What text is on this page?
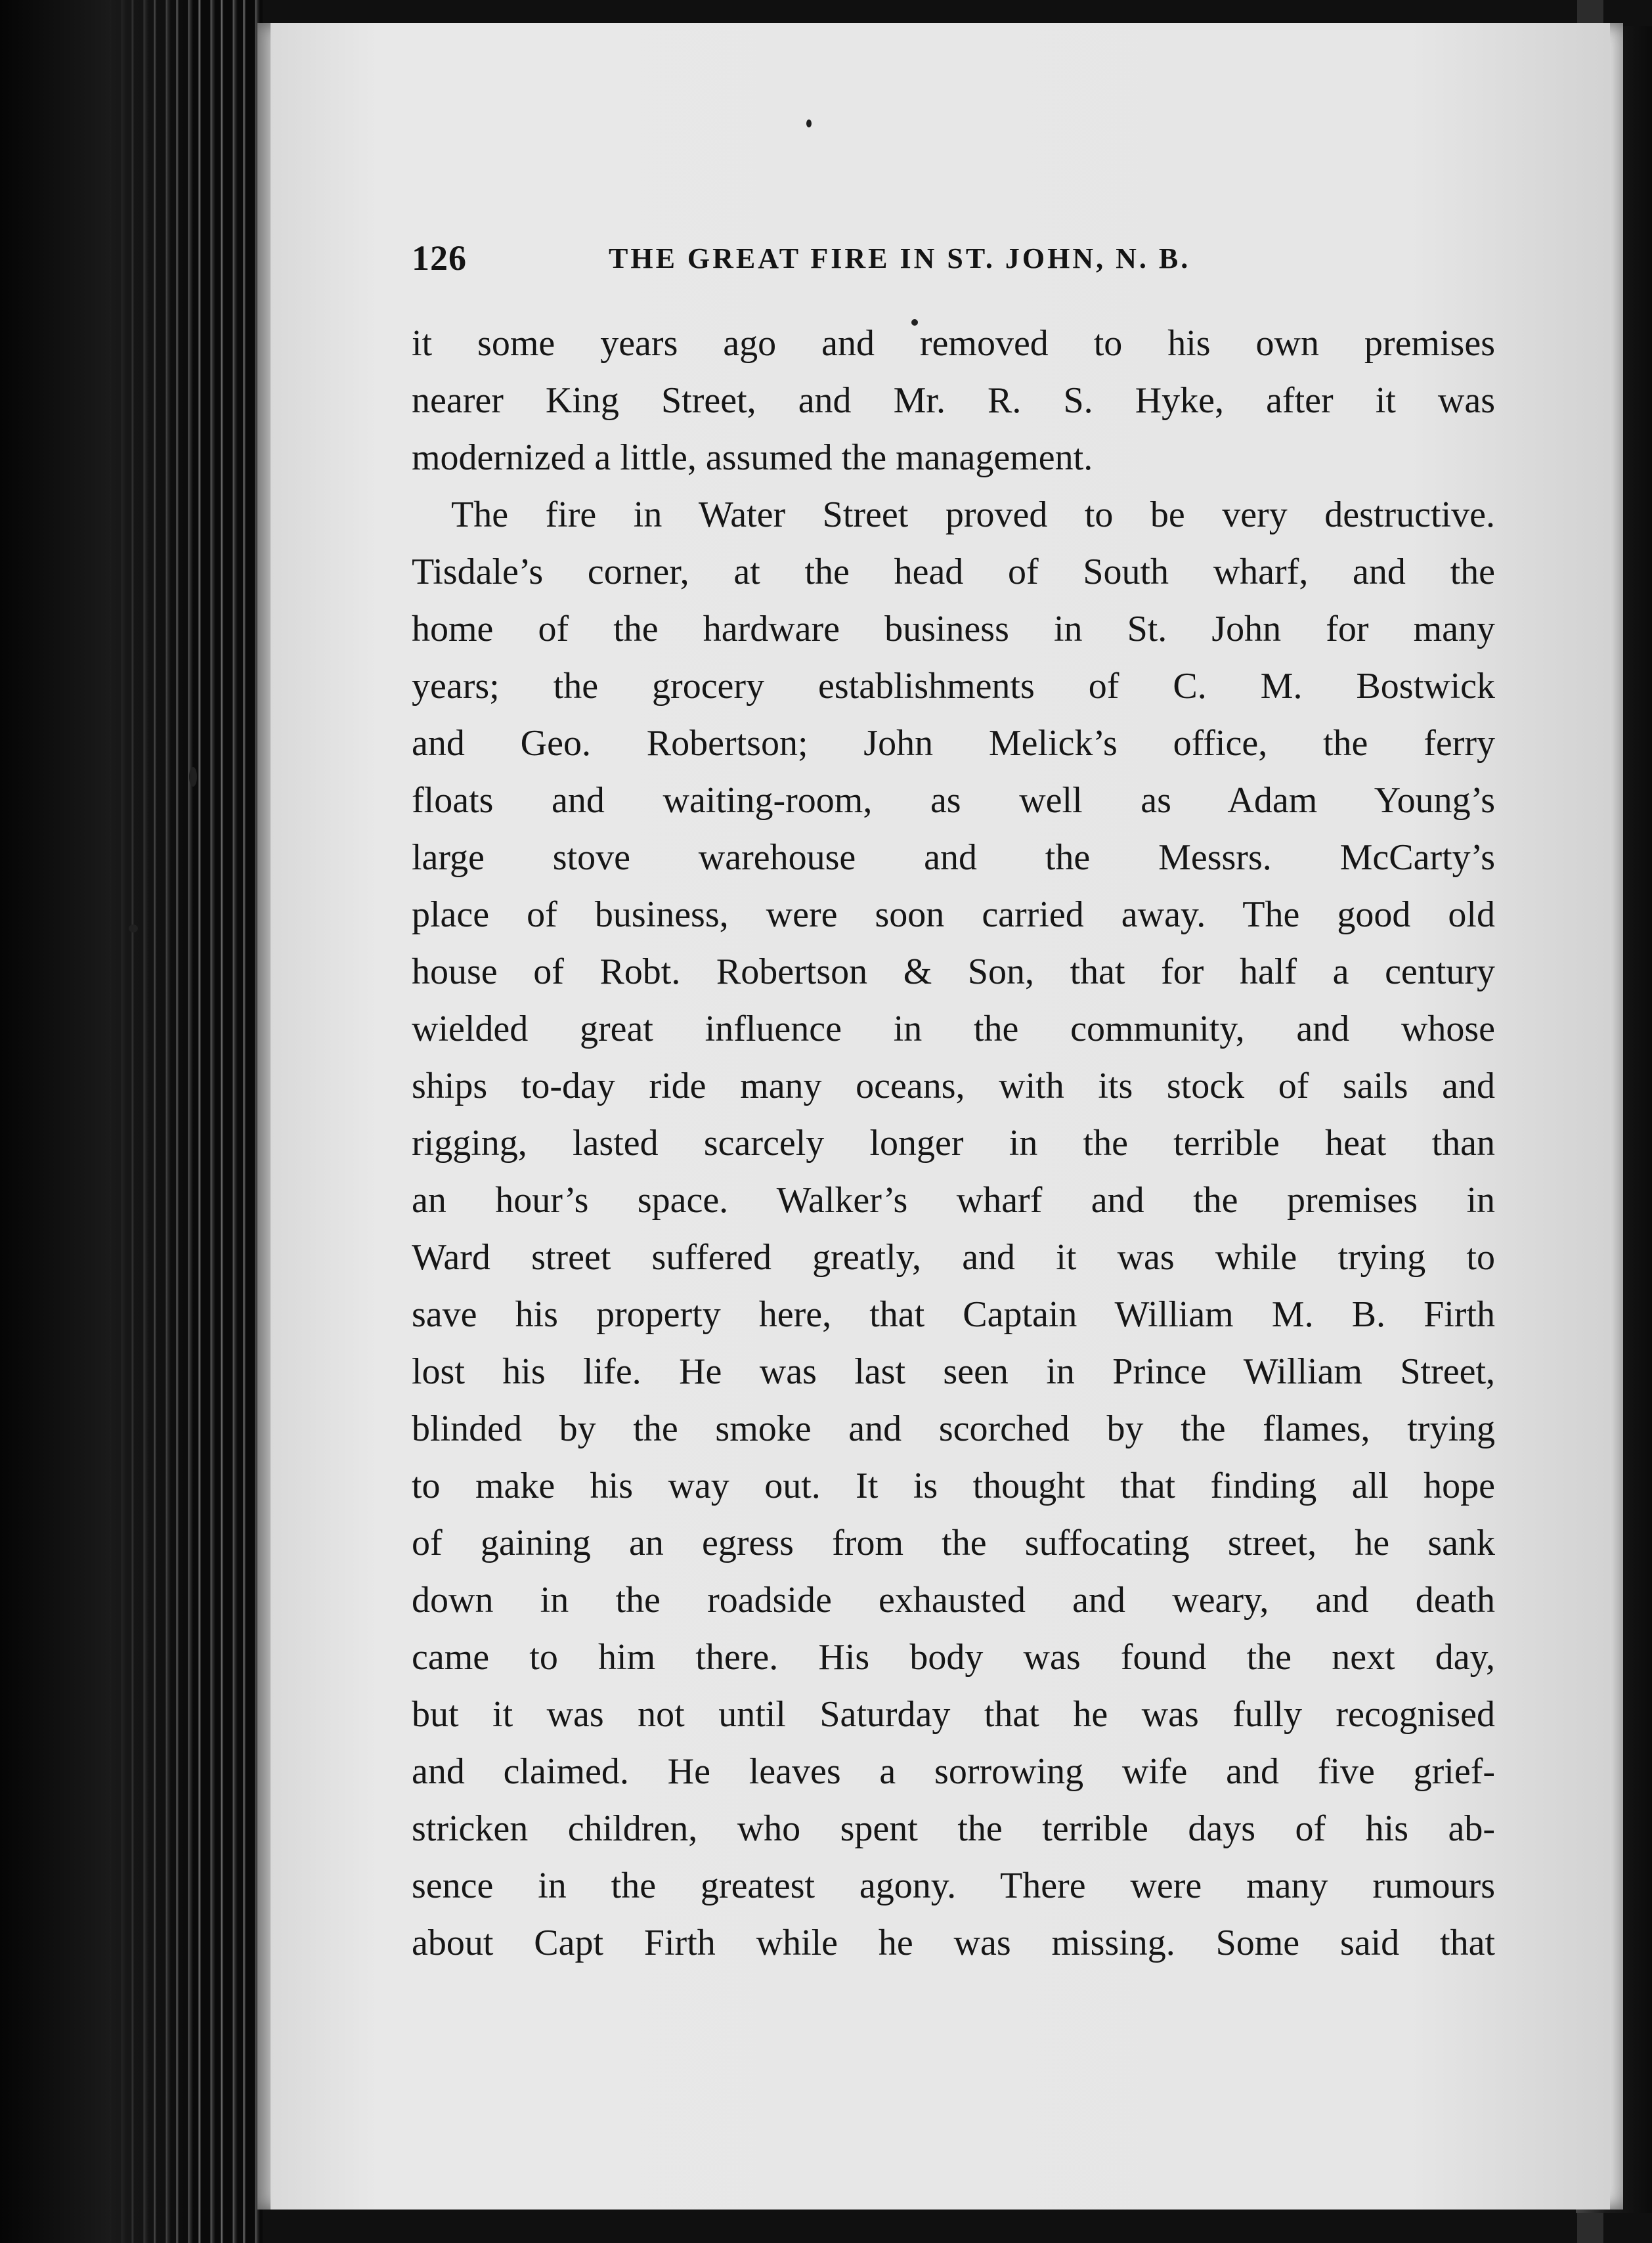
126	THE GREAT FIRE IN ST. JOHN, N. B.
it some years ago and removed to his own premises
nearer King Street, and Mr. R. S. Hyke, after it was
modernized a little, assumed the management.
The fire in Water Street proved to be very destructive.
Tisdale’s corner, at the head of South wharf, and the
home of the hardware business in St. John for many
years; the grocery establishments of C. M. Bostwick
and Geo. Robertson; John Melick’s office, the ferry
floats and waiting-room, as well as Adam Young’s
large stove warehouse and the Messrs. McCarty’s
place of business, were soon carried away. The good old
house of Robt. Robertson & Son, that for half a century
wielded great influence in the community, and whose
ships to-day ride many oceans, with its stock of sails and
rigging, lasted scarcely longer in the terrible heat than
an hour’s space. Walker’s wharf and the premises in
Ward street suffered greatly, and it was while trying to
save his property here, that Captain William M. B. Firth
lost his life. He was last seen in Prince William Street,
blinded by the smoke and scorched by the flames, trying
to make his way out. It is thought that finding all hope
of gaining an egress from the suffocating street, he sank
down in the roadside exhausted and weary, and death
came to him there. His body was found the next day,
but it was not until Saturday that he was fully recognised
and claimed. He leaves a sorrowing wife and five grief-
stricken children, who spent the terrible days of his ab-
sence in the greatest agony. There were many rumours
about Capt Firth while he was missing. Some said that
